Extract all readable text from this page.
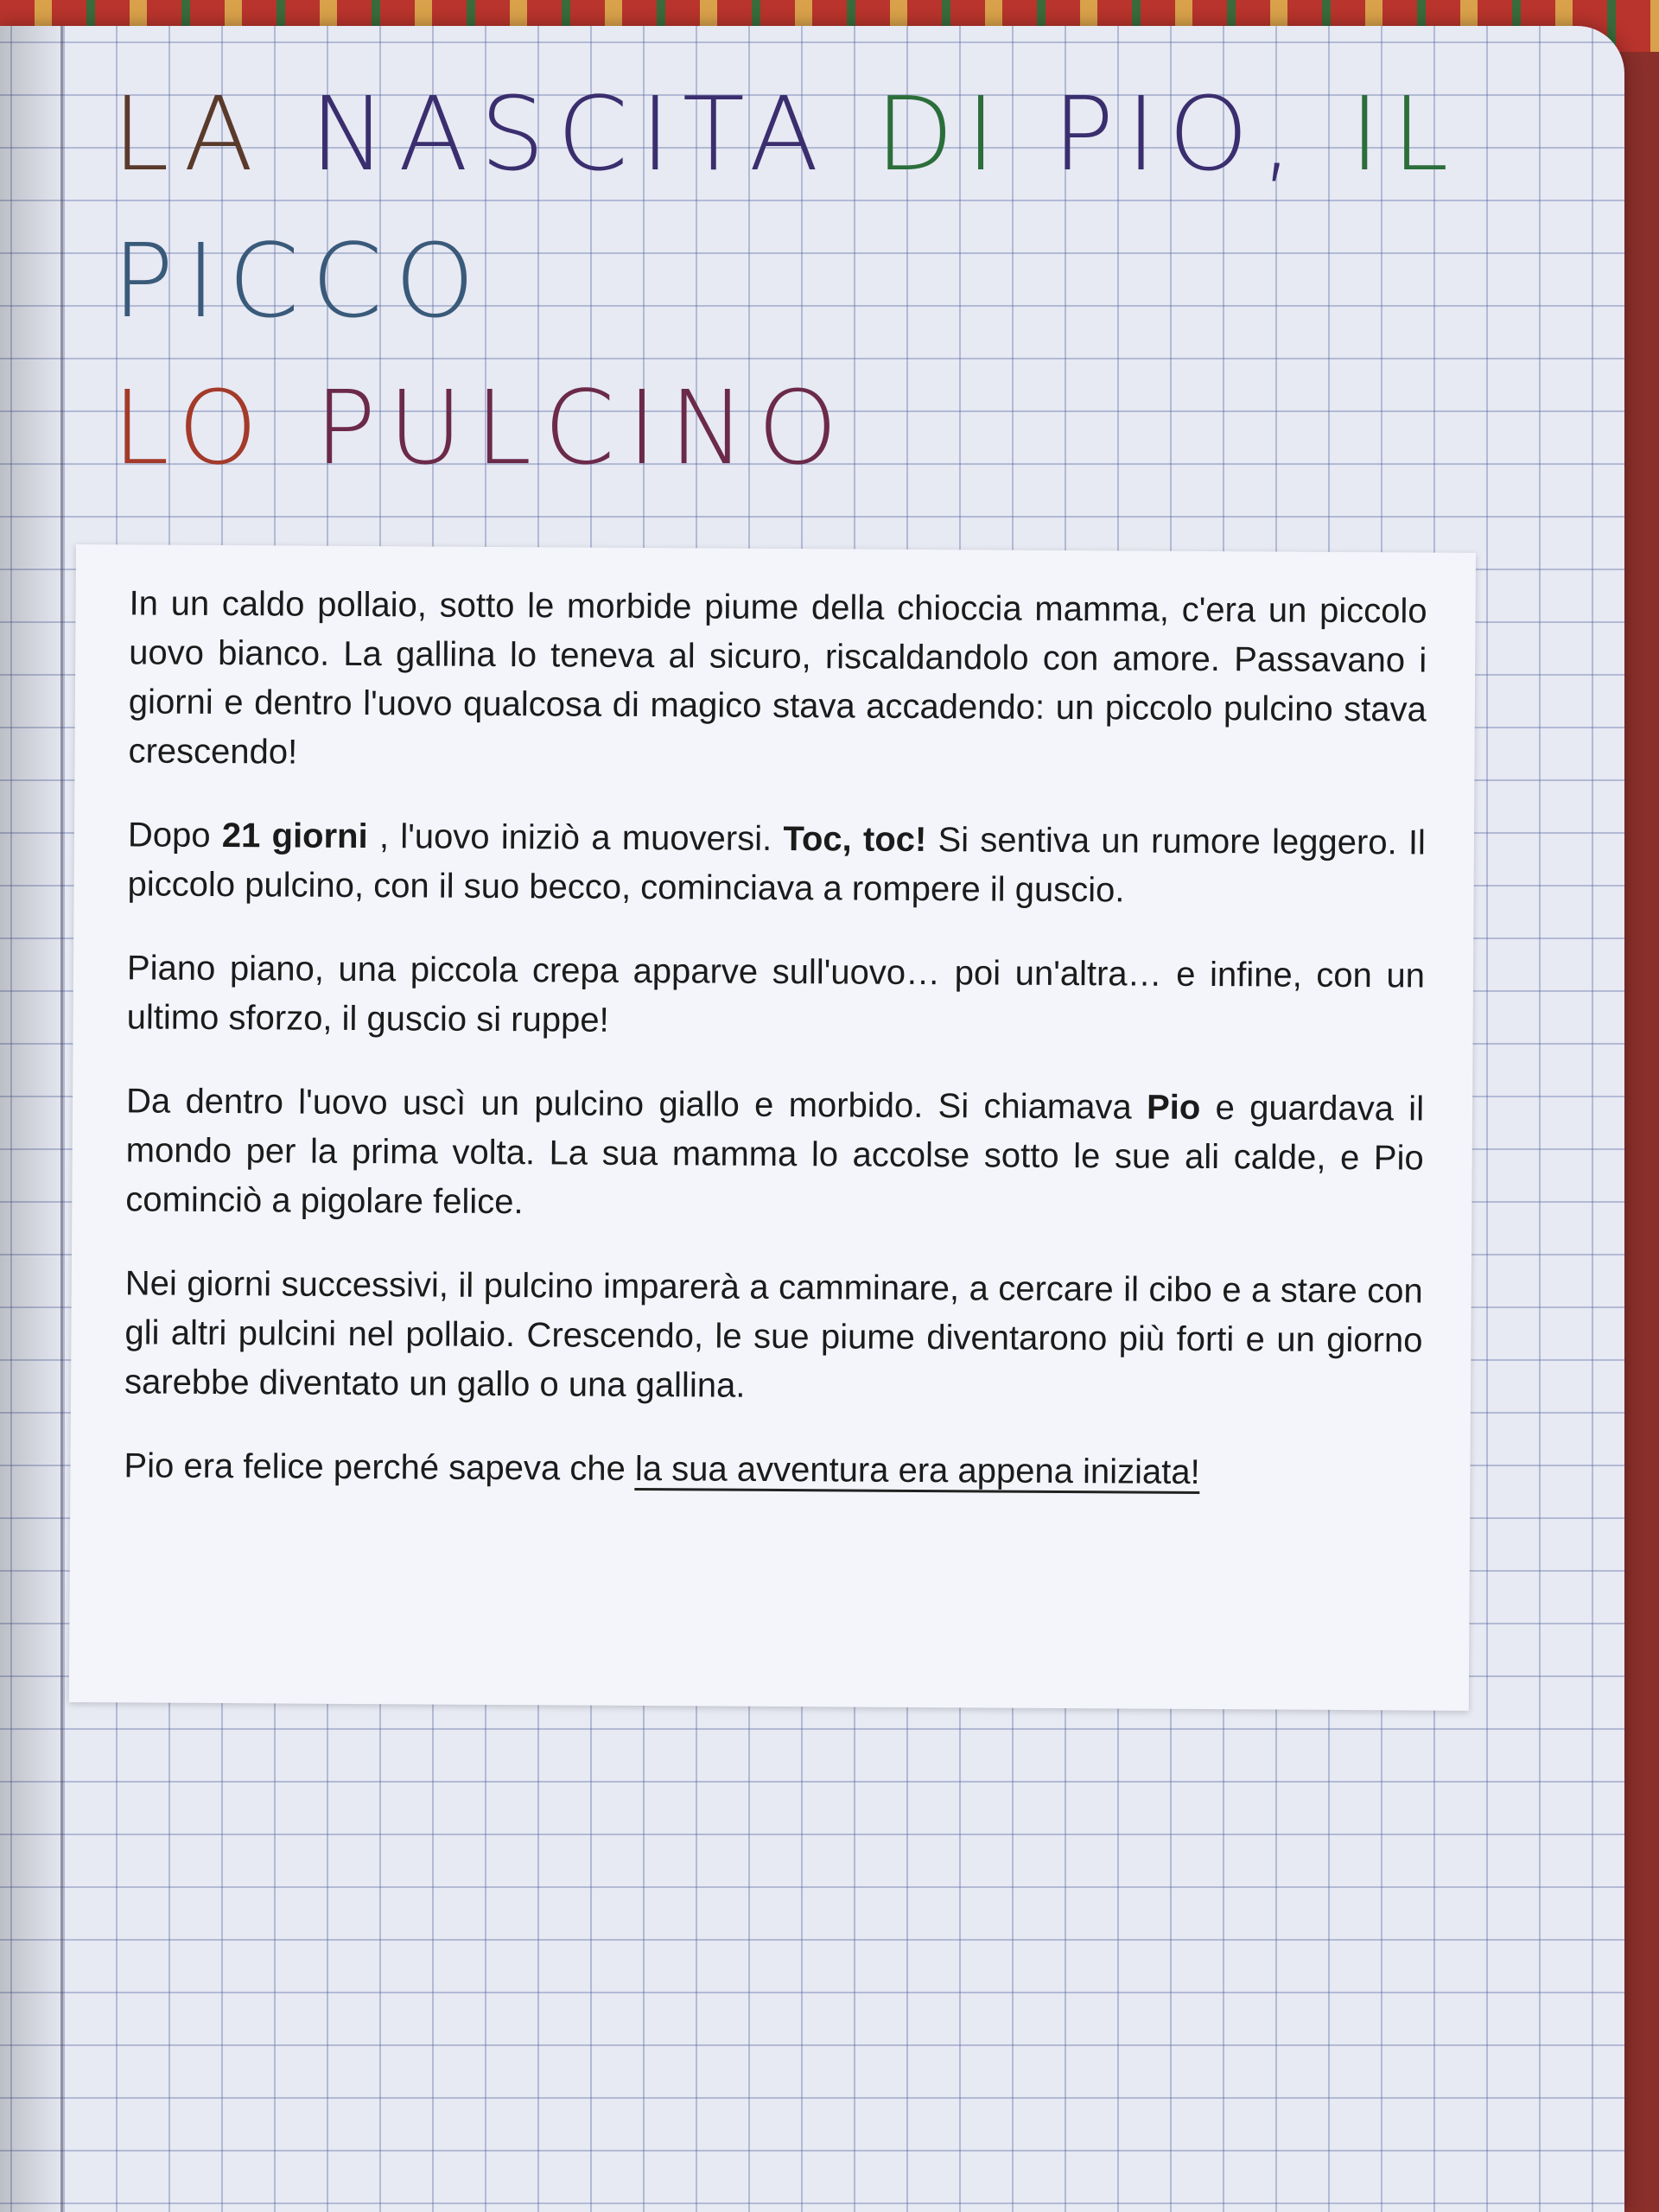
LA NASCITA DI PIO, IL PICCO
LO PULCINO

In un caldo pollaio, sotto le morbide piume della chioccia mamma, c'era un piccolo uovo bianco. La gallina lo teneva al sicuro, riscaldandolo con amore. Passavano i giorni e dentro l'uovo qualcosa di magico stava accadendo: un piccolo pulcino stava crescendo!

Dopo 21 giorni , l'uovo iniziò a muoversi. Toc, toc! Si sentiva un rumore leggero. Il piccolo pulcino, con il suo becco, cominciava a rompere il guscio.

Piano piano, una piccola crepa apparve sull'uovo… poi un'altra… e infine, con un ultimo sforzo, il guscio si ruppe!

Da dentro l'uovo uscì un pulcino giallo e morbido. Si chiamava Pio e guardava il mondo per la prima volta. La sua mamma lo accolse sotto le sue ali calde, e Pio cominciò a pigolare felice.

Nei giorni successivi, il pulcino imparerà a camminare, a cercare il cibo e a stare con gli altri pulcini nel pollaio. Crescendo, le sue piume diventarono più forti e un giorno sarebbe diventato un gallo o una gallina.

Pio era felice perché sapeva che la sua avventura era appena iniziata!
